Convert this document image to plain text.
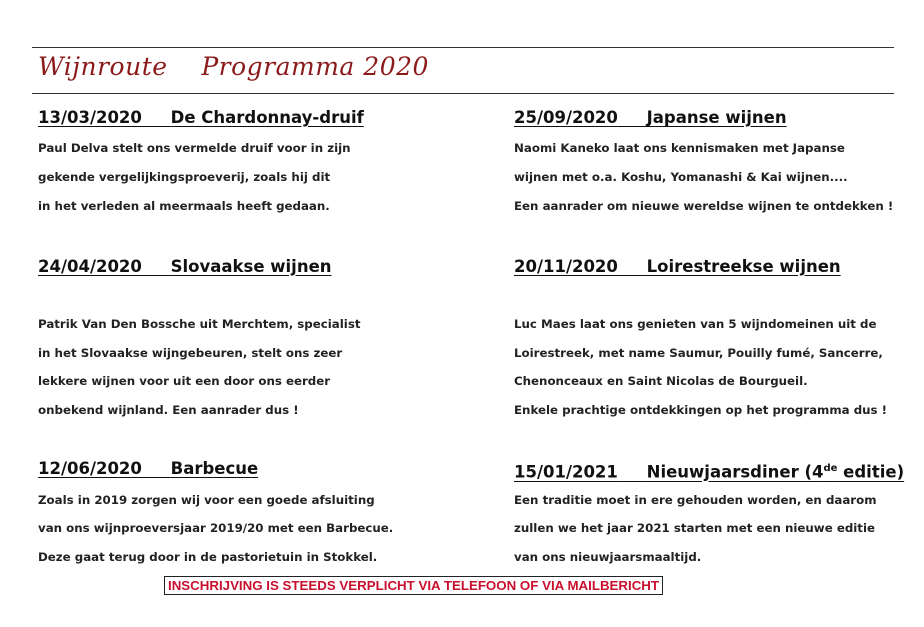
Wijnroute    Programma 2020
13/03/2020 De Chardonnay-druif
Paul Delva stelt ons vermelde druif voor in zijn
gekende vergelijkingsproeverij, zoals hij dit
in het verleden al meermaals heeft gedaan.
25/09/2020 Japanse wijnen
Naomi Kaneko laat ons kennismaken met Japanse
wijnen met o.a. Koshu, Yomanashi & Kai wijnen....
Een aanrader om nieuwe wereldse wijnen te ontdekken !
24/04/2020 Slovaakse wijnen
Patrik Van Den Bossche uit Merchtem, specialist
in het Slovaakse wijngebeuren, stelt ons zeer
lekkere wijnen voor uit een door ons eerder
onbekend wijnland. Een aanrader dus !
20/11/2020 Loirestreekse wijnen
Luc Maes laat ons genieten van 5 wijndomeinen uit de
Loirestreek, met name Saumur, Pouilly fumé, Sancerre,
Chenonceaux en Saint Nicolas de Bourgueil.
Enkele prachtige ontdekkingen op het programma dus !
12/06/2020 Barbecue
Zoals in 2019 zorgen wij voor een goede afsluiting
van ons wijnproeversjaar 2019/20 met een Barbecue.
Deze gaat terug door in de pastorietuin in Stokkel.
15/01/2021 Nieuwjaarsdiner (4de editie)
Een traditie moet in ere gehouden worden, en daarom
zullen we het jaar 2021 starten met een nieuwe editie
van ons nieuwjaarsmaaltijd.
INSCHRIJVING IS STEEDS VERPLICHT VIA TELEFOON OF VIA MAILBERICHT
